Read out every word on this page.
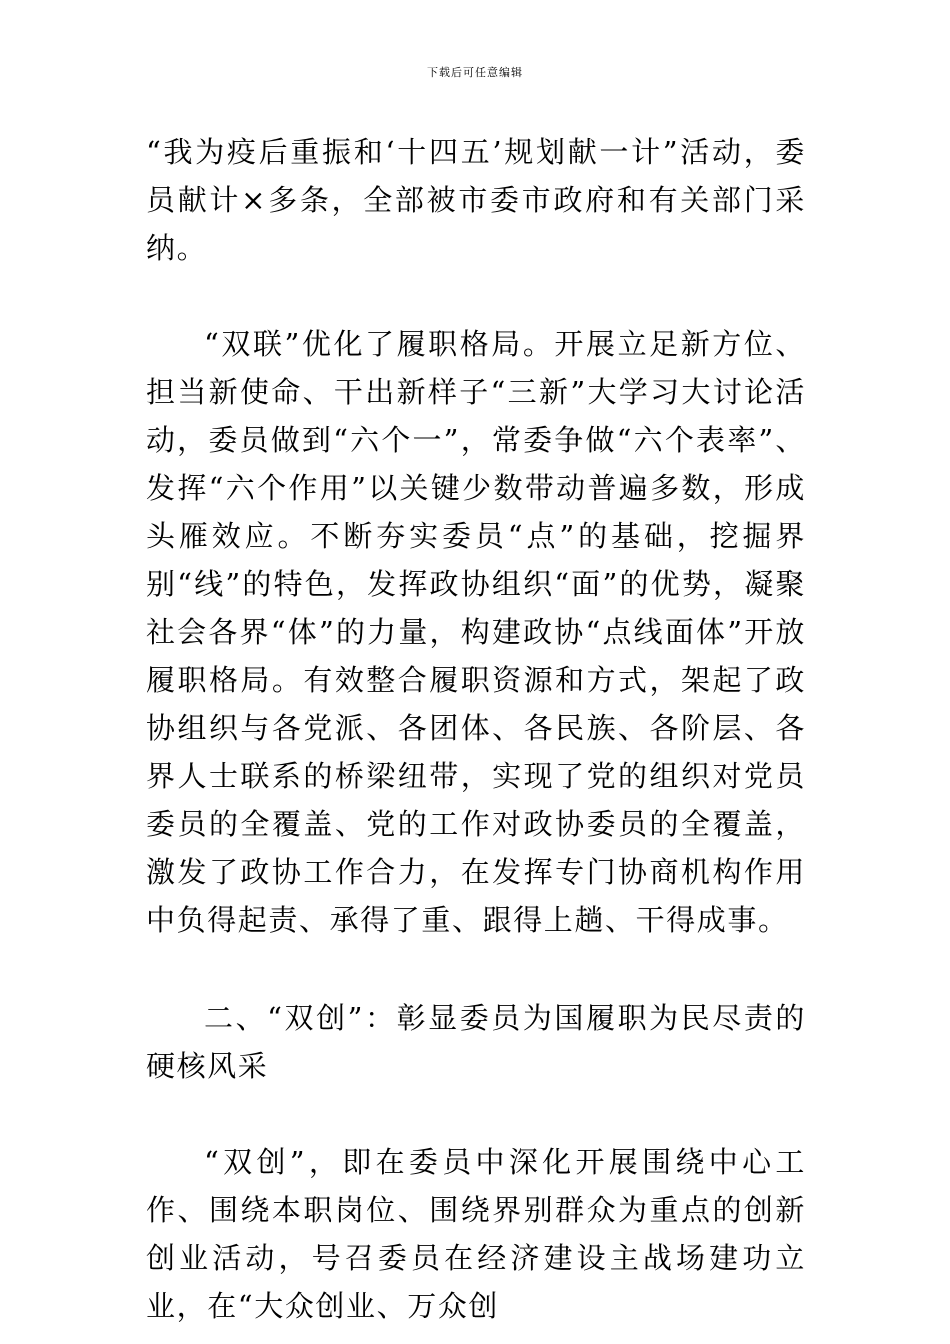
下载后可任意编辑

“我为疫后重振和‘十四五’规划献一计”活动，委员献计×多条，全部被市委市政府和有关部门采纳。

“双联”优化了履职格局。开展立足新方位、担当新使命、干出新样子“三新”大学习大讨论活动，委员做到“六个一”，常委争做“六个表率”、发挥“六个作用”以关键少数带动普遍多数，形成头雁效应。不断夯实委员“点”的基础，挖掘界别“线”的特色，发挥政协组织“面”的优势，凝聚社会各界“体”的力量，构建政协“点线面体”开放履职格局。有效整合履职资源和方式，架起了政协组织与各党派、各团体、各民族、各阶层、各界人士联系的桥梁纽带，实现了党的组织对党员委员的全覆盖、党的工作对政协委员的全覆盖，激发了政协工作合力，在发挥专门协商机构作用中负得起责、承得了重、跟得上趟、干得成事。

二、“双创”：彰显委员为国履职为民尽责的硬核风采

“双创”，即在委员中深化开展围绕中心工作、围绕本职岗位、围绕界别群众为重点的创新创业活动，号召委员在经济建设主战场建功立业，在“大众创业、万众创
